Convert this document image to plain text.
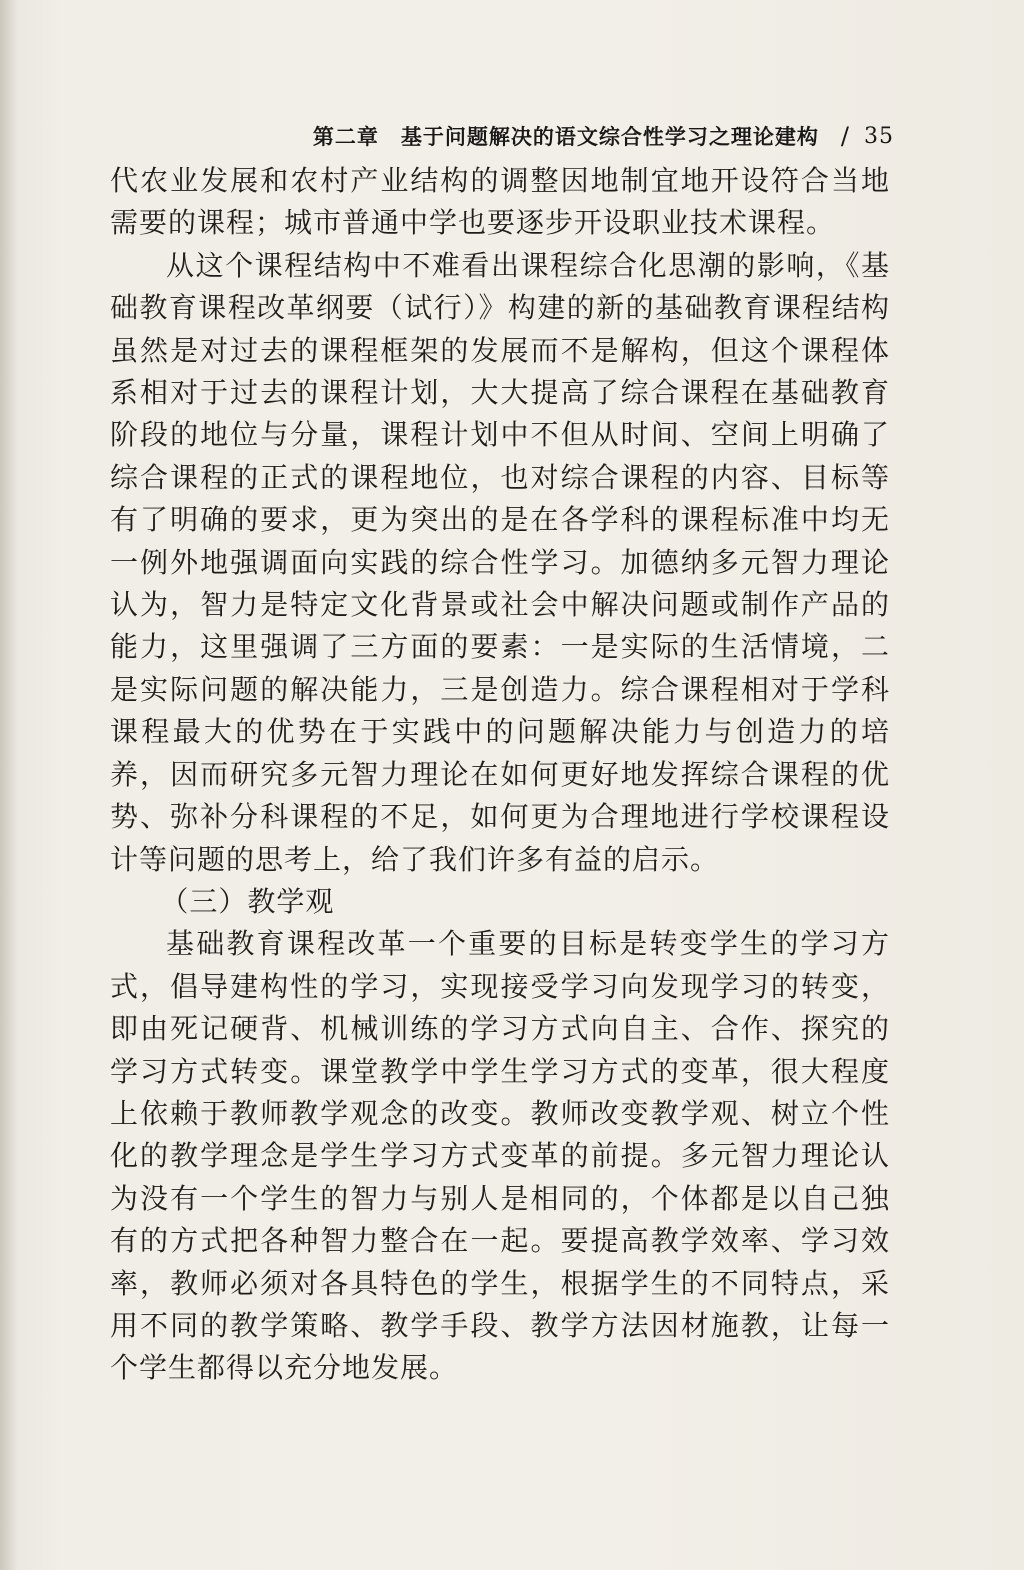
第二章 基于问题解决的语文综合性学习之理论建构 / 35

代农业发展和农村产业结构的调整因地制宜地开设符合当地需要的课程；城市普通中学也要逐步开设职业技术课程。

从这个课程结构中不难看出课程综合化思潮的影响，《基础教育课程改革纲要（试行）》构建的新的基础教育课程结构虽然是对过去的课程框架的发展而不是解构，但这个课程体系相对于过去的课程计划，大大提高了综合课程在基础教育阶段的地位与分量，课程计划中不但从时间、空间上明确了综合课程的正式的课程地位，也对综合课程的内容、目标等有了明确的要求，更为突出的是在各学科的课程标准中均无一例外地强调面向实践的综合性学习。加德纳多元智力理论认为，智力是特定文化背景或社会中解决问题或制作产品的能力，这里强调了三方面的要素：一是实际的生活情境，二是实际问题的解决能力，三是创造力。综合课程相对于学科课程最大的优势在于实践中的问题解决能力与创造力的培养，因而研究多元智力理论在如何更好地发挥综合课程的优势、弥补分科课程的不足，如何更为合理地进行学校课程设计等问题的思考上，给了我们许多有益的启示。

（三）教学观

基础教育课程改革一个重要的目标是转变学生的学习方式，倡导建构性的学习，实现接受学习向发现学习的转变，即由死记硬背、机械训练的学习方式向自主、合作、探究的学习方式转变。课堂教学中学生学习方式的变革，很大程度上依赖于教师教学观念的改变。教师改变教学观、树立个性化的教学理念是学生学习方式变革的前提。多元智力理论认为没有一个学生的智力与别人是相同的，个体都是以自己独有的方式把各种智力整合在一起。要提高教学效率、学习效率，教师必须对各具特色的学生，根据学生的不同特点，采用不同的教学策略、教学手段、教学方法因材施教，让每一个学生都得以充分地发展。
